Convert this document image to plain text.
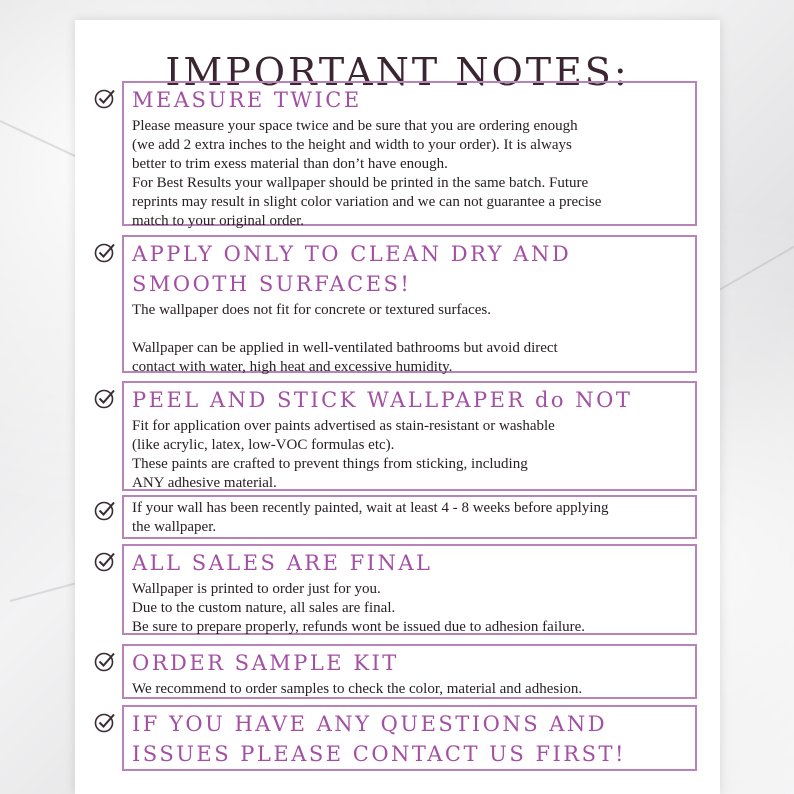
IMPORTANT NOTES:
MEASURE TWICE

Please measure your space twice and be sure that you are ordering enough

(we add 2 extra inches to the height and width to your order). It is always

better to trim exess material than don’t have enough.

For Best Results your wallpaper should be printed in the same batch. Future

reprints may result in slight color variation and we can not guarantee a precise

match to your original order.

APPLY ONLY TO CLEAN DRY AND
SMOOTH SURFACES!

The wallpaper does not fit for concrete or textured surfaces.

Wallpaper can be applied in well-ventilated bathrooms but avoid direct

contact with water, high heat and excessive humidity.

PEEL AND STICK WALLPAPER do NOT

Fit for application over paints advertised as stain-resistant or washable

(like acrylic, latex, low-VOC formulas etc).

These paints are crafted to prevent things from sticking, including

ANY adhesive material.

If your wall has been recently painted, wait at least 4 - 8 weeks before applying

the wallpaper.

ALL SALES ARE FINAL

Wallpaper is printed to order just for you.

Due to the custom nature, all sales are final.

Be sure to prepare properly, refunds wont be issued due to adhesion failure.

ORDER SAMPLE KIT

We recommend to order samples to check the color, material and adhesion.

IF YOU HAVE ANY QUESTIONS AND
ISSUES PLEASE CONTACT US FIRST!
